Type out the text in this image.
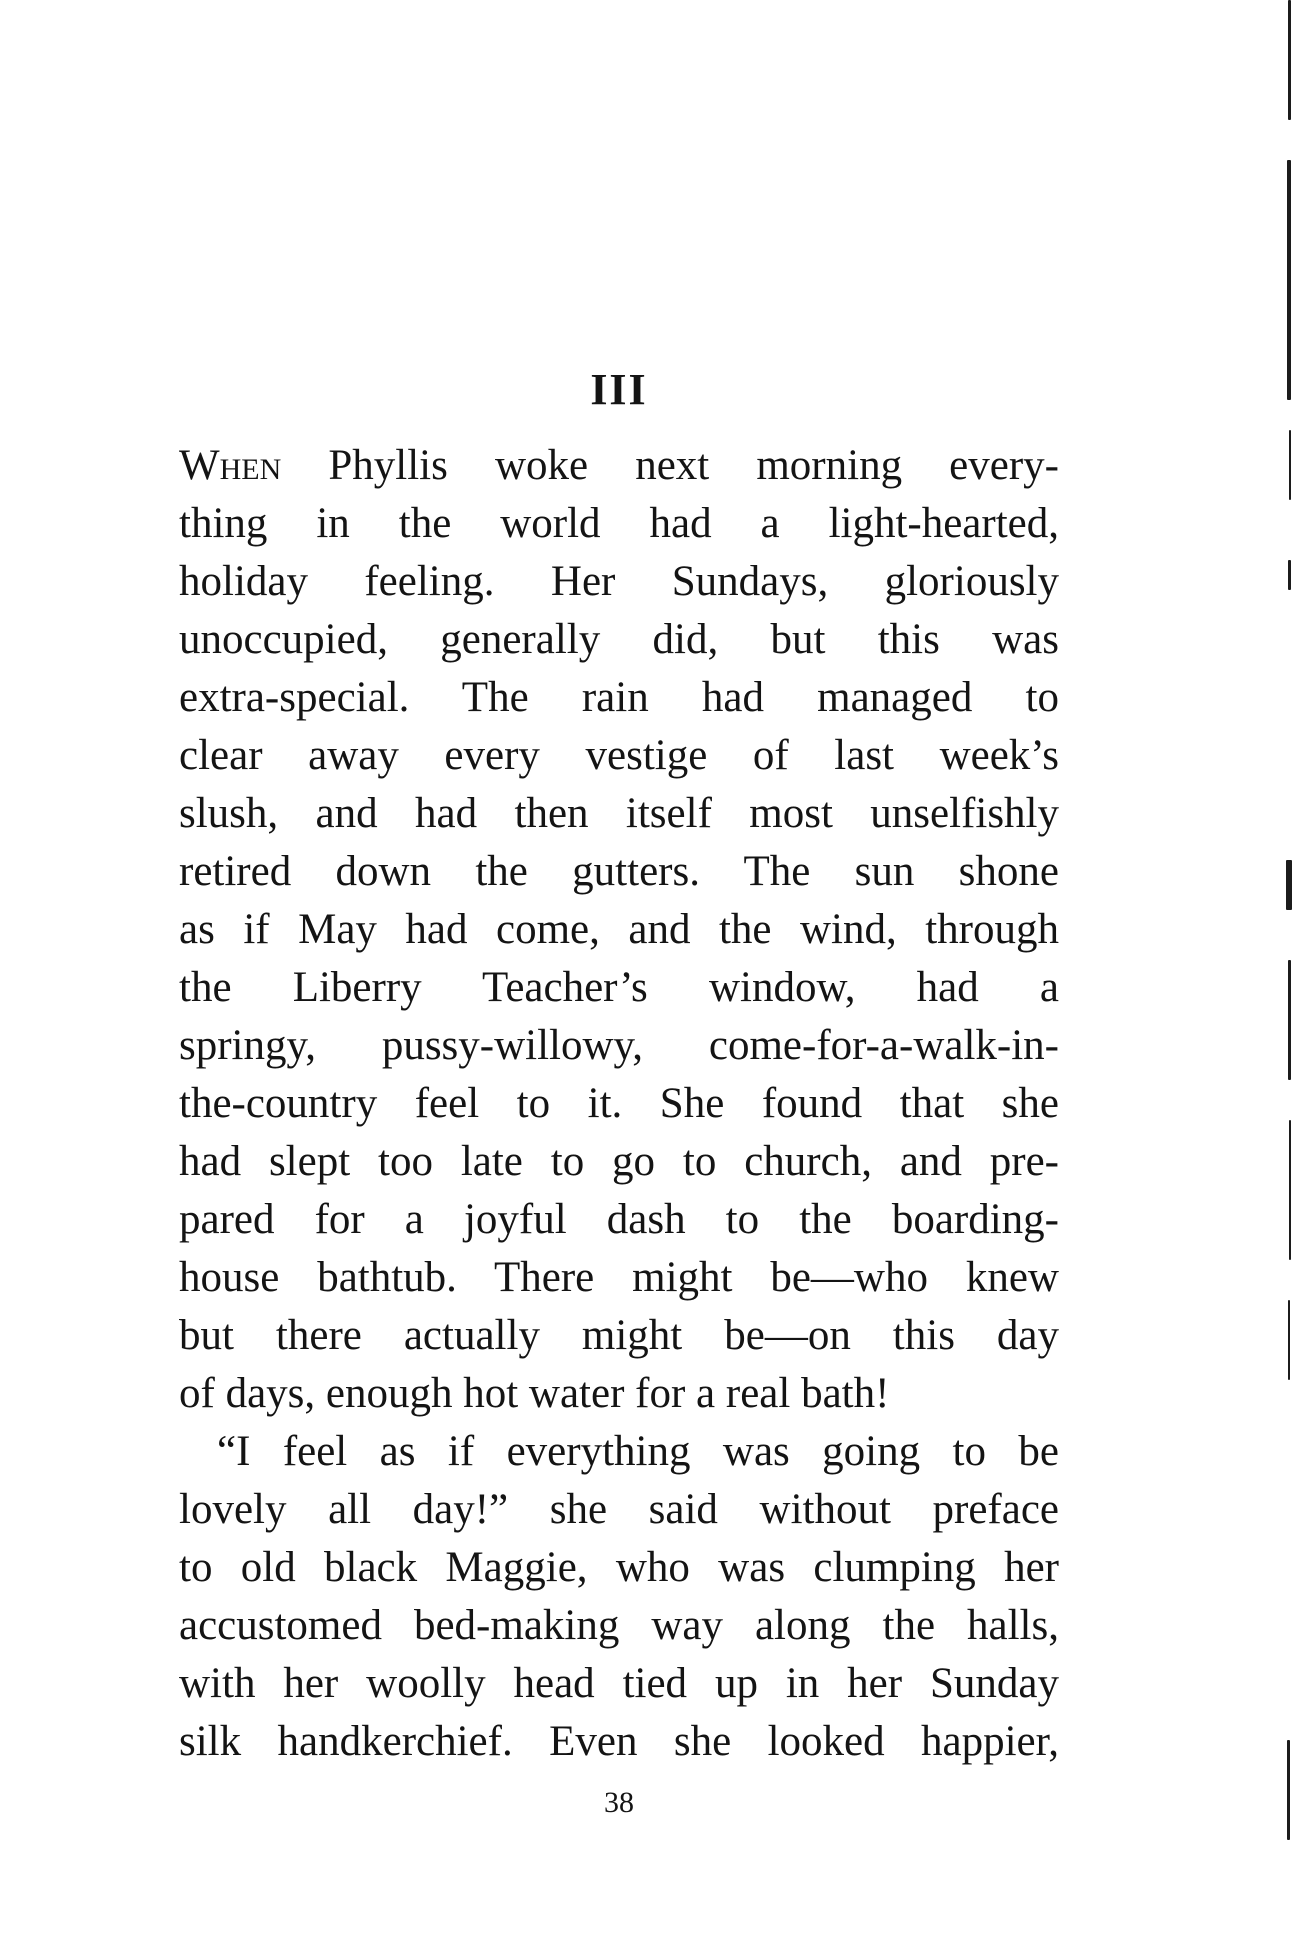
III
When Phyllis woke next morning every-
thing in the world had a light-hearted,
holiday feeling. Her Sundays, gloriously
unoccupied, generally did, but this was
extra-special. The rain had managed to
clear away every vestige of last week’s
slush, and had then itself most unselfishly
retired down the gutters. The sun shone
as if May had come, and the wind, through
the Liberry Teacher’s window, had a
springy, pussy-willowy, come-for-a-walk-in-
the-country feel to it. She found that she
had slept too late to go to church, and pre-
pared for a joyful dash to the boarding-
house bathtub. There might be—who knew
but there actually might be—on this day
of days, enough hot water for a real bath!
“I feel as if everything was going to be
lovely all day!” she said without preface
to old black Maggie, who was clumping her
accustomed bed-making way along the halls,
with her woolly head tied up in her Sunday
silk handkerchief. Even she looked happier,
38
